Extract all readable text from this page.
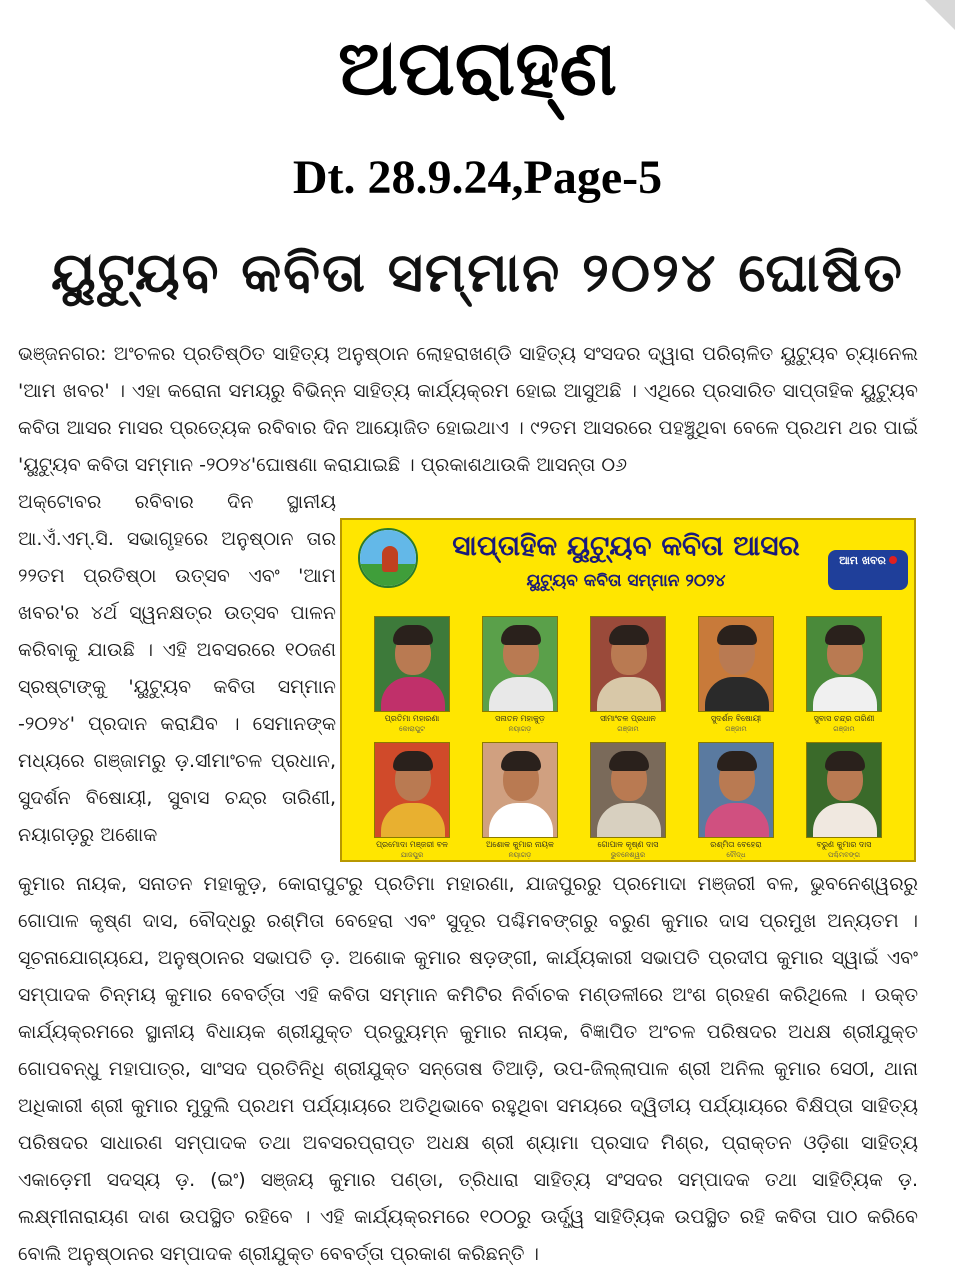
ଅପରାହ୍ଣ
Dt. 28.9.24,Page-5
ୟୁଟ୍ୟୁବ କବିତା ସମ୍ମାନ ୨୦୨୪ ଘୋଷିତ

ଭଞ୍ଜନଗର: ଅଂଚଳର ପ୍ରତିଷ୍ଠିତ ସାହିତ୍ୟ ଅନୁଷ୍ଠାନ ଲୋହରାଖଣ୍ଡି ସାହିତ୍ୟ ସଂସଦର ଦ୍ୱାରା ପରିଚାଳିତ ୟୁଟ୍ୟୁବ ଚ୍ୟାନେଲ 'ଆମ ଖବର' । ଏହା କରୋନା ସମୟରୁ ବିଭିନ୍ନ ସାହିତ୍ୟ କାର୍ଯ୍ୟକ୍ରମ ହୋଇ ଆସୁଅଛି । ଏଥିରେ ପ୍ରସାରିତ ସାପ୍ତାହିକ ୟୁଟ୍ୟୁବ କବିତା ଆସର ମାସର ପ୍ରତ୍ୟେକ ରବିବାର ଦିନ ଆୟୋଜିତ ହୋଇଥାଏ । ୯୨ତମ ଆସରରେ ପହଞ୍ଚୁଥିବା ବେଳେ ପ୍ରଥମ ଥର ପାଇଁ 'ୟୁଟ୍ୟୁବ କବିତା ସମ୍ମାନ -୨୦୨୪'ଘୋଷଣା କରାଯାଇଛି । ପ୍ରକାଶଥାଉକି ଆସନ୍ତା ୦୬

ଅକ୍ଟୋବର ରବିବାର ଦିନ ସ୍ଥାନୀୟ ଆ.ଏଁ.ଏମ୍.ସି. ସଭାଗୃହରେ ଅନୁଷ୍ଠାନ ତାର ୨୨ତମ ପ୍ରତିଷ୍ଠା ଉତ୍ସବ ଏବଂ 'ଆମ ଖବର'ର ୪ର୍ଥ ସ୍ୱନକ୍ଷତ୍ର ଉତ୍ସବ ପାଳନ କରିବାକୁ ଯାଉଛି । ଏହି ଅବସରରେ ୧୦ଜଣ ସ୍ରଷ୍ଟାଙ୍କୁ 'ୟୁଟ୍ୟୁବ କବିତା ସମ୍ମାନ -୨୦୨୪' ପ୍ରଦାନ କରାଯିବ । ସେମାନଙ୍କ ମଧ୍ୟରେ ଗଞ୍ଜାମରୁ ଡ଼.ସୀମାଂଚଳ ପ୍ରଧାନ, ସୁଦର୍ଶନ ବିଷୋୟୀ, ସୁବାସ ଚନ୍ଦ୍ର ତାରିଣୀ, ନୟାଗଡ଼ରୁ ଅଶୋକ

ସାପ୍ତାହିକ ୟୁଟ୍ୟୁବ କବିତା ଆସର
ୟୁଟ୍ୟୁବ କବିତା ସମ୍ମାନ ୨୦୨୪
ଆମ ଖବର
ପ୍ରତିମା ମହାରଣା
କୋରାପୁଟ
ସନାତନ ମହାକୁଡ଼
ନୟାଗଡ଼
ସୀମାଂଚଳ ପ୍ରଧାନ
ଗଞ୍ଜାମ
ସୁଦର୍ଶନ ବିଷୋୟୀ
ଗଞ୍ଜାମ
ସୁବାସ ଚନ୍ଦ୍ର ତାରିଣୀ
ଗଞ୍ଜାମ
ପ୍ରମୋଦା ମଞ୍ଜରୀ ବଳ
ଯାଜପୁର
ଅଶୋକ କୁମାର ନାୟକ
ନୟାଗଡ଼
ଗୋପାଳ କୃଷ୍ଣ ଦାସ
ଭୁବନେଶ୍ୱର
ରଶ୍ମିତା ବେହେରା
ବୌଦ୍ଧ
ବରୁଣ କୁମାର ଦାସ
ପଶ୍ଚିମବଙ୍ଗ

କୁମାର ନାୟକ, ସନାତନ ମହାକୁଡ଼, କୋରାପୁଟରୁ ପ୍ରତିମା ମହାରଣା, ଯାଜପୁରରୁ ପ୍ରମୋଦା ମଞ୍ଜରୀ ବଳ, ଭୁବନେଶ୍ୱରରୁ ଗୋପାଳ କୃଷ୍ଣ ଦାସ, ବୌଦ୍ଧରୁ ରଶ୍ମିତା ବେହେରା ଏବଂ ସୁଦୂର ପଶ୍ଚିମବଙ୍ଗରୁ ବରୁଣ କୁମାର ଦାସ ପ୍ରମୁଖ ଅନ୍ୟତମ । ସୂଚନାଯୋଗ୍ୟଯେ, ଅନୁଷ୍ଠାନର ସଭାପତି ଡ଼. ଅଶୋକ କୁମାର ଷଡ଼ଙ୍ଗୀ, କାର୍ଯ୍ୟକାରୀ ସଭାପତି ପ୍ରଦୀପ କୁମାର ସ୍ୱାଇଁ ଏବଂ ସମ୍ପାଦକ ଚିନ୍ମୟ କୁମାର ବେବର୍ତ୍ତା ଏହି କବିତା ସମ୍ମାନ କମିଟିର ନିର୍ବାଚକ ମଣ୍ଡଳୀରେ ଅଂଶ ଗ୍ରହଣ କରିଥିଲେ । ଉକ୍ତ କାର୍ଯ୍ୟକ୍ରମରେ ସ୍ଥାନୀୟ ବିଧାୟକ ଶ୍ରୀଯୁକ୍ତ ପ୍ରଦ୍ୟୁମ୍ନ କୁମାର ନାୟକ, ବିଜ୍ଞାପିତ ଅଂଚଳ ପରିଷଦର ଅଧକ୍ଷ ଶ୍ରୀଯୁକ୍ତ ଗୋପବନ୍ଧୁ ମହାପାତ୍ର, ସାଂସଦ ପ୍ରତିନିଧି ଶ୍ରୀଯୁକ୍ତ ସନ୍ତୋଷ ତିଆଡ଼ି, ଉପ-ଜିଲ୍ଲାପାଳ ଶ୍ରୀ ଅନିଲ କୁମାର ସେଠୀ, ଥାନା ଅଧିକାରୀ ଶ୍ରୀ କୁମାର ମୁଦୁଲି ପ୍ରଥମ ପର୍ଯ୍ୟାୟରେ ଅତିଥିଭାବେ ରହୁଥିବା ସମୟରେ ଦ୍ୱିତୀୟ ପର୍ଯ୍ୟାୟରେ ବିକ୍ଷିପ୍ତା ସାହିତ୍ୟ ପରିଷଦର ସାଧାରଣ ସମ୍ପାଦକ ତଥା ଅବସରପ୍ରାପ୍ତ ଅଧକ୍ଷ ଶ୍ରୀ ଶ୍ୟାମା ପ୍ରସାଦ ମିଶ୍ର, ପ୍ରାକ୍ତନ ଓଡ଼ିଶା ସାହିତ୍ୟ ଏକାଡ଼େମୀ ସଦସ୍ୟ ଡ଼. (ଇଂ) ସଞ୍ଜୟ କୁମାର ପଣ୍ଡା, ତ୍ରିଧାରା ସାହିତ୍ୟ ସଂସଦର ସମ୍ପାଦକ ତଥା ସାହିତ୍ୟିକ ଡ଼. ଲକ୍ଷ୍ମୀନାରାୟଣ ଦାଶ ଉପସ୍ଥିତ ରହିବେ । ଏହି କାର୍ଯ୍ୟକ୍ରମରେ ୧୦୦ରୁ ଊର୍ଦ୍ଧ୍ୱ ସାହିତ୍ୟିକ ଉପସ୍ଥିତ ରହି କବିତା ପାଠ କରିବେ ବୋଲି ଅନୁଷ୍ଠାନର ସମ୍ପାଦକ ଶ୍ରୀଯୁକ୍ତ ବେବର୍ତ୍ତା ପ୍ରକାଶ କରିଛନ୍ତି ।
